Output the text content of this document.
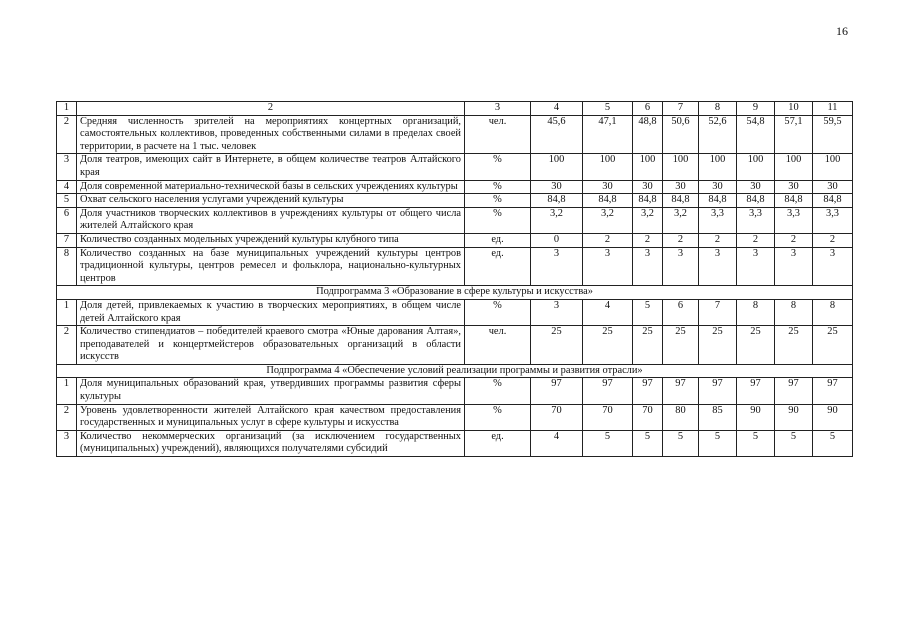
16
1	2	3	4	5	6	7	8	9	10	11
2	Средняя численность зрителей на мероприятиях концертных организаций, самостоятельных коллективов, проведенных собственными силами в пределах своей территории, в расчете на 1 тыс. человек	чел.	45,6	47,1	48,8	50,6	52,6	54,8	57,1	59,5
3	Доля театров, имеющих сайт в Интернете, в общем количестве театров Алтайского края	%	100	100	100	100	100	100	100	100
4	Доля современной материально-технической базы в сельских учреждениях культуры	%	30	30	30	30	30	30	30	30
5	Охват сельского населения услугами учреждений культуры	%	84,8	84,8	84,8	84,8	84,8	84,8	84,8	84,8
6	Доля участников творческих коллективов в учреждениях культуры от общего числа жителей Алтайского края	%	3,2	3,2	3,2	3,2	3,3	3,3	3,3	3,3
7	Количество созданных модельных учреждений культуры клубного типа	ед.	0	2	2	2	2	2	2	2
8	Количество созданных на базе муниципальных учреждений культуры центров традиционной культуры, центров ремесел и фольклора, национально-культурных центров	ед.	3	3	3	3	3	3	3	3
Подпрограмма 3 «Образование в сфере культуры и искусства»										
1	Доля детей, привлекаемых к участию в творческих мероприятиях, в общем числе детей Алтайского края	%	3	4	5	6	7	8	8	8
2	Количество стипендиатов – победителей краевого смотра «Юные дарования Алтая», преподавателей и концертмейстеров образовательных организаций в области искусств	чел.	25	25	25	25	25	25	25	25
Подпрограмма 4 «Обеспечение условий реализации программы и развития отрасли»										
1	Доля муниципальных образований края, утвердивших программы развития сферы культуры	%	97	97	97	97	97	97	97	97
2	Уровень удовлетворенности жителей Алтайского края качеством предоставления государственных и муниципальных услуг в сфере культуры и искусства	%	70	70	70	80	85	90	90	90
3	Количество некоммерческих организаций (за исключением государственных (муниципальных) учреждений), являющихся получателями субсидий	ед.	4	5	5	5	5	5	5	5
